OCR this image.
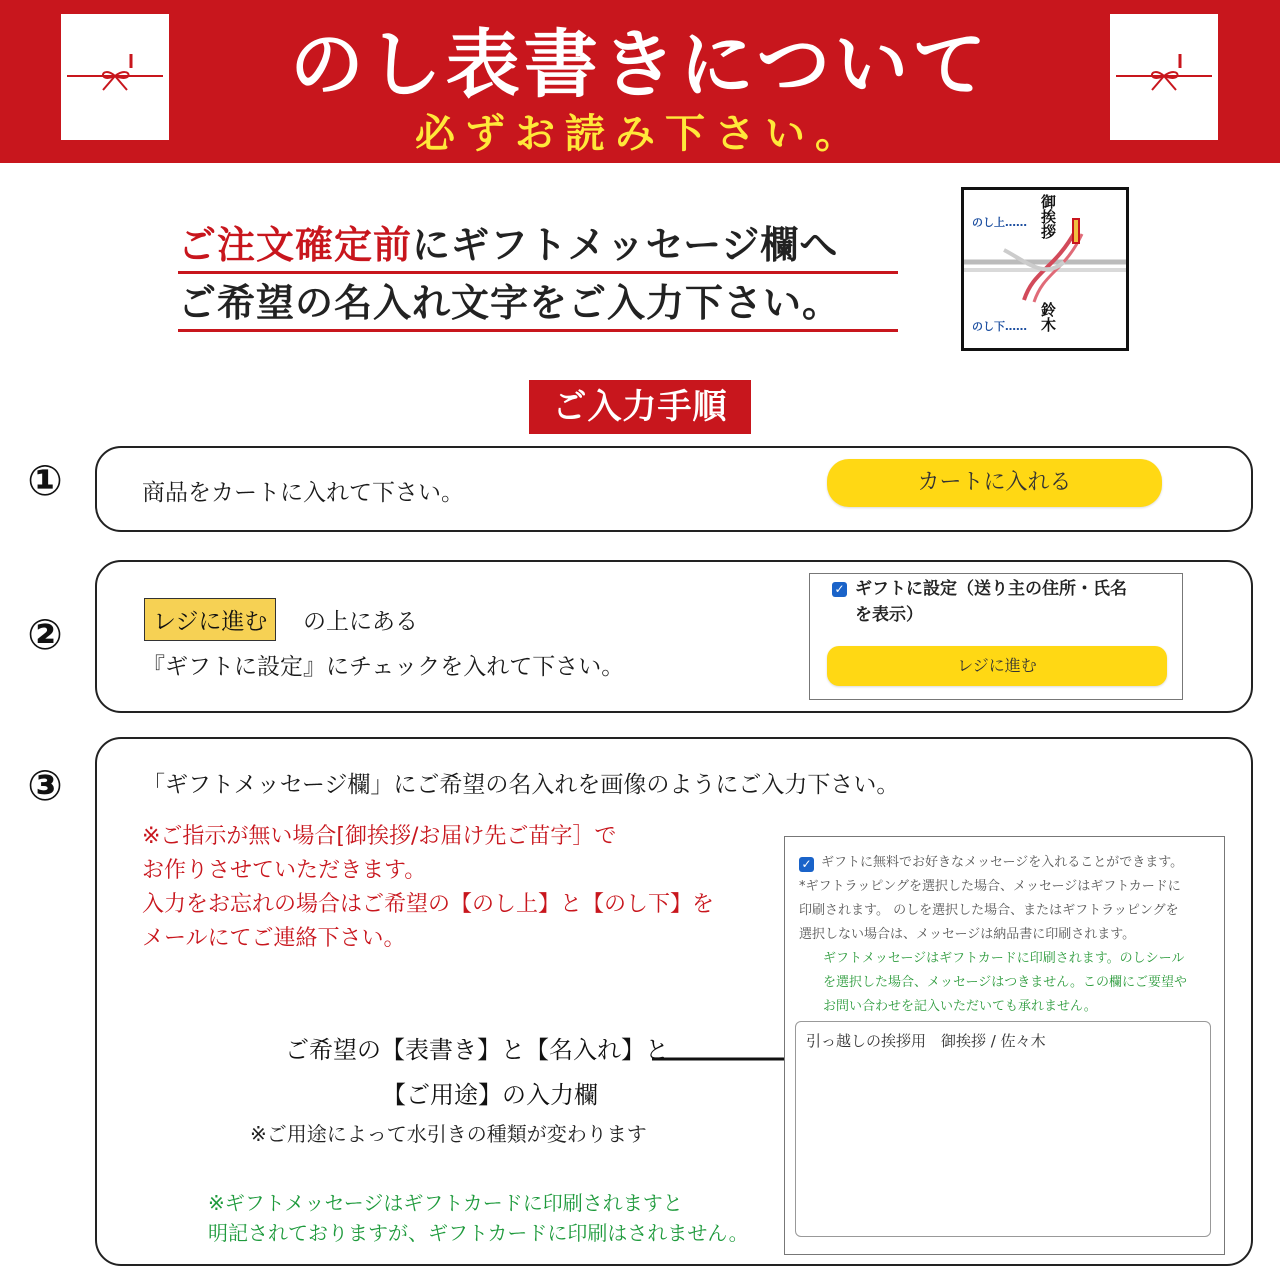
のし表書きについて
必ずお読み下さい。
ご注文確定前にギフトメッセージ欄へ
ご希望の名入れ文字をご入力下さい。
のし上…… 御挨拶
のし下…… 鈴木
ご入力手順
①	商品をカートに入れて下さい。	カートに入れる
②	レジに進む	の上にある
『ギフトに設定』にチェックを入れて下さい。
✓ ギフトに設定（送り主の住所・氏名
を表示）
レジに進む
③	「ギフトメッセージ欄」にご希望の名入れを画像のようにご入力下さい。
※ご指示が無い場合[御挨拶/お届け先ご苗字］で
お作りさせていただきます。
入力をお忘れの場合はご希望の【のし上】と【のし下】を
メールにてご連絡下さい。
ご希望の【表書き】と【名入れ】と
【ご用途】の入力欄
※ご用途によって水引きの種類が変わります
※ギフトメッセージはギフトカードに印刷されますと
明記されておりますが、ギフトカードに印刷はされません。
✓ ギフトに無料でお好きなメッセージを入れることができます。
*ギフトラッピングを選択した場合、メッセージはギフトカードに
印刷されます。 のしを選択した場合、またはギフトラッピングを
選択しない場合は、メッセージは納品書に印刷されます。
ギフトメッセージはギフトカードに印刷されます。のしシール
を選択した場合、メッセージはつきません。この欄にご要望や
お問い合わせを記入いただいても承れません。
引っ越しの挨拶用　御挨拶 / 佐々木
